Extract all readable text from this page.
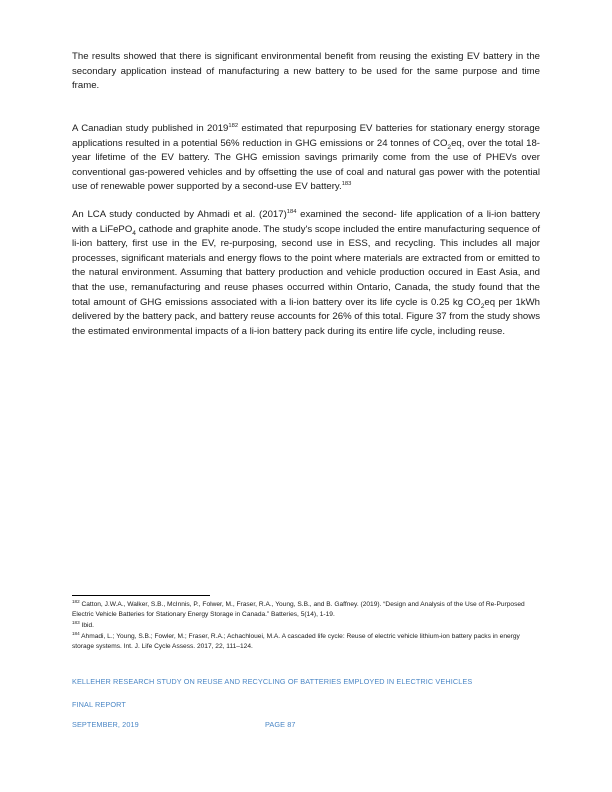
The results showed that there is significant environmental benefit from reusing the existing EV battery in the secondary application instead of manufacturing a new battery to be used for the same purpose and time frame.

A Canadian study published in 2019$^{182}$ estimated that repurposing EV batteries for stationary energy storage applications resulted in a potential 56% reduction in GHG emissions or 24 tonnes of $CO_2eq$, over the total 18-year lifetime of the EV battery. The GHG emission savings primarily come from the use of PHEVs over conventional gas-powered vehicles and by offsetting the use of coal and natural gas power with the potential use of renewable power supported by a second-use EV battery.$^{183}$

An LCA study conducted by Ahmadi et al. $(2017)^{184}$ examined the second- life application of a li-ion battery with a LiFePO$_4$ cathode and graphite anode. The study's scope included the entire manufacturing sequence of li-ion battery, first use in the EV, re-purposing, second use in ESS, and recycling. This includes all major processes, significant materials and energy flows to the point where materials are extracted from or emitted to the natural environment. Assuming that battery production and vehicle production occured in East Asia, and that the use, remanufacturing and reuse phases occurred within Ontario, Canada, the study found that the total amount of GHG emissions associated with a li-ion battery over its life cycle is 0.25 kg $CO_2eq$ per 1kWh delivered by the battery pack, and battery reuse accounts for 26% of this total. Figure 37 from the study shows the estimated environmental impacts of a li-ion battery pack during its entire life cycle, including reuse.

$^{182}$ Catton, J.W.A., Walker, S.B., McInnis, P., Folwer, M., Fraser, R.A., Young, S.B., and B. Gaffney. (2019). “Design and Analysis of the Use of Re-Purposed Electric Vehicle Batteries for Stationary Energy Storage in Canada.” Batteries, 5(14), 1-19.

$^{183}$ Ibid.

$^{184}$ Ahmadi, L.; Young, S.B.; Fowler, M.; Fraser, R.A.; Achachlouei, M.A. A cascaded life cycle: Reuse of electric vehicle lithium-ion battery packs in energy storage systems. Int. J. Life Cycle Assess. 2017, 22, 111–124.

KELLEHER RESEARCH STUDY ON REUSE AND RECYCLING OF BATTERIES EMPLOYED IN ELECTRIC VEHICLES
FINAL REPORT
SEPTEMBER, 2019	PAGE 87
